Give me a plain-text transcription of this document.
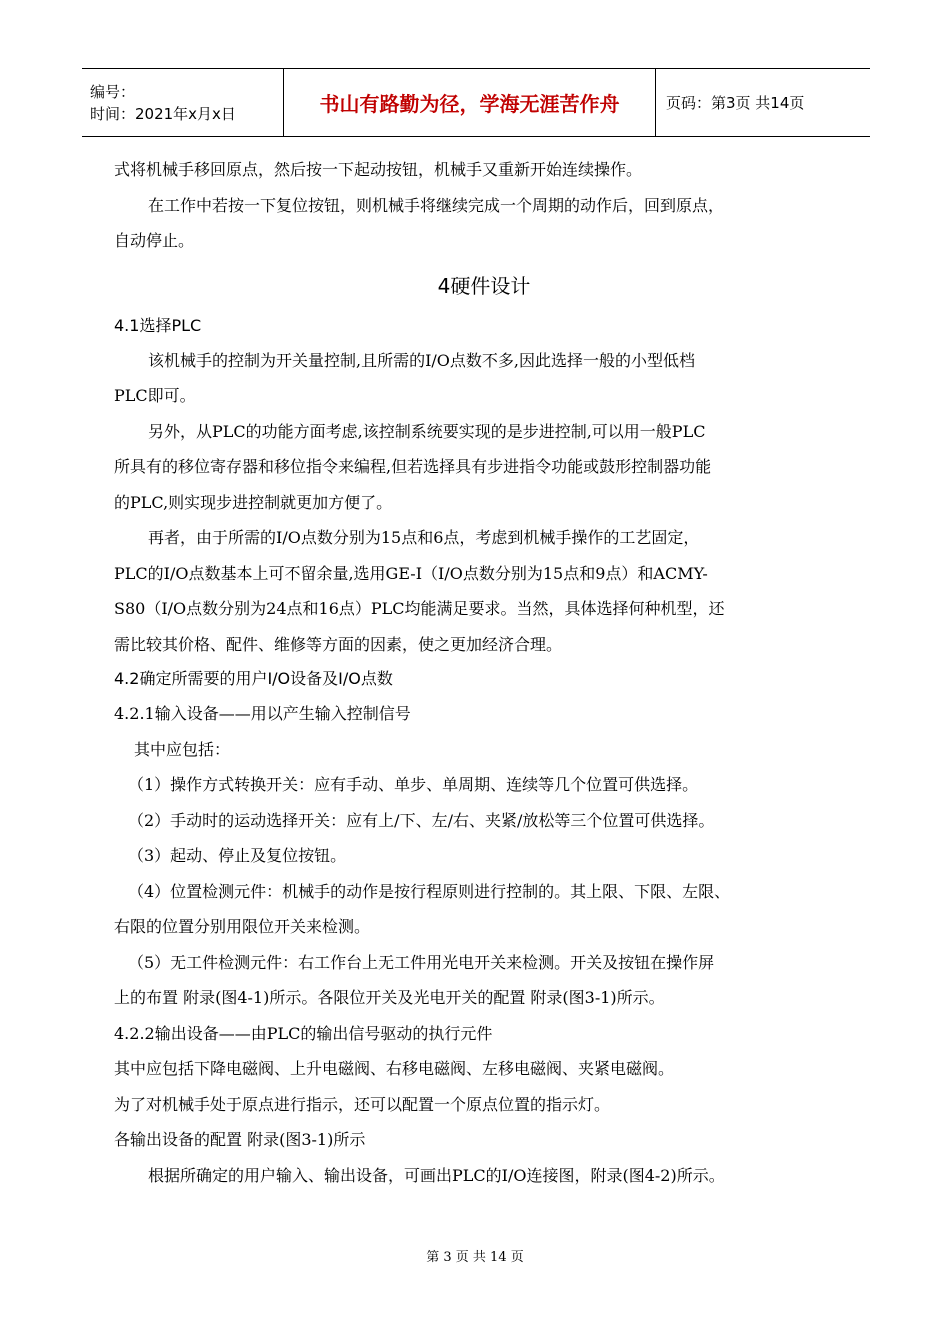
编号：
时间：2021年x月x日	书山有路勤为径，学海无涯苦作舟	页码：第3页 共14页

式将机械手移回原点，然后按一下起动按钮，机械手又重新开始连续操作。

在工作中若按一下复位按钮，则机械手将继续完成一个周期的动作后，回到原点，

自动停止。

4硬件设计

4.1选择PLC

该机械手的控制为开关量控制,且所需的I/O点数不多,因此选择一般的小型低档

PLC即可。

另外，从PLC的功能方面考虑,该控制系统要实现的是步进控制,可以用一般PLC

所具有的移位寄存器和移位指令来编程,但若选择具有步进指令功能或鼓形控制器功能

的PLC,则实现步进控制就更加方便了。

再者，由于所需的I/O点数分别为15点和6点，考虑到机械手操作的工艺固定，

PLC的I/O点数基本上可不留余量,选用GE-I（I/O点数分别为15点和9点）和ACMY-

S80（I/O点数分别为24点和16点）PLC均能满足要求。当然，具体选择何种机型，还

需比较其价格、配件、维修等方面的因素，使之更加经济合理。

4.2确定所需要的用户I/O设备及I/O点数

4.2.1输入设备——用以产生输入控制信号

其中应包括：

（1）操作方式转换开关：应有手动、单步、单周期、连续等几个位置可供选择。

（2）手动时的运动选择开关：应有上/下、左/右、夹紧/放松等三个位置可供选择。

（3）起动、停止及复位按钮。

（4）位置检测元件：机械手的动作是按行程原则进行控制的。其上限、下限、左限、

右限的位置分别用限位开关来检测。

（5）无工件检测元件：右工作台上无工件用光电开关来检测。开关及按钮在操作屏

上的布置 附录(图4-1)所示。各限位开关及光电开关的配置 附录(图3-1)所示。

4.2.2输出设备——由PLC的输出信号驱动的执行元件

其中应包括下降电磁阀、上升电磁阀、右移电磁阀、左移电磁阀、夹紧电磁阀。

为了对机械手处于原点进行指示，还可以配置一个原点位置的指示灯。

各输出设备的配置 附录(图3-1)所示

根据所确定的用户输入、输出设备，可画出PLC的I/O连接图，附录(图4-2)所示。

第 3 页 共 14 页
